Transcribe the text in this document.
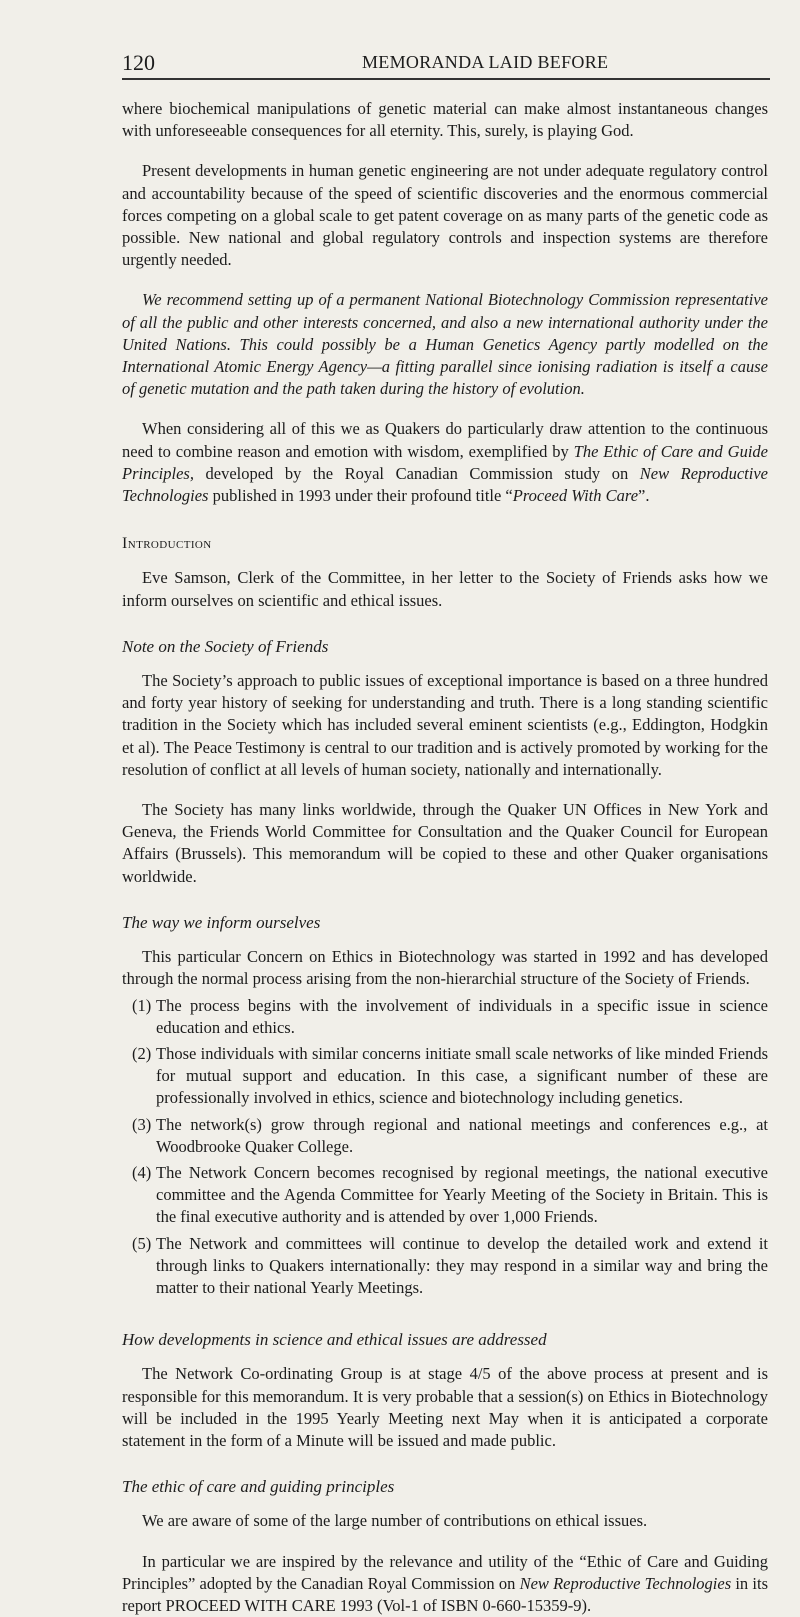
120	MEMORANDA LAID BEFORE

where biochemical manipulations of genetic material can make almost instantaneous changes with unforeseeable consequences for all eternity. This, surely, is playing God.

Present developments in human genetic engineering are not under adequate regulatory control and accountability because of the speed of scientific discoveries and the enormous commercial forces competing on a global scale to get patent coverage on as many parts of the genetic code as possible. New national and global regulatory controls and inspection systems are therefore urgently needed.

We recommend setting up of a permanent National Biotechnology Commission representative of all the public and other interests concerned, and also a new international authority under the United Nations. This could possibly be a Human Genetics Agency partly modelled on the International Atomic Energy Agency—a fitting parallel since ionising radiation is itself a cause of genetic mutation and the path taken during the history of evolution.

When considering all of this we as Quakers do particularly draw attention to the continuous need to combine reason and emotion with wisdom, exemplified by The Ethic of Care and Guide Principles, developed by the Royal Canadian Commission study on New Reproductive Technologies published in 1993 under their profound title “Proceed With Care”.

Introduction

Eve Samson, Clerk of the Committee, in her letter to the Society of Friends asks how we inform ourselves on scientific and ethical issues.

Note on the Society of Friends

The Society’s approach to public issues of exceptional importance is based on a three hundred and forty year history of seeking for understanding and truth. There is a long standing scientific tradition in the Society which has included several eminent scientists (e.g., Eddington, Hodgkin et al). The Peace Testimony is central to our tradition and is actively promoted by working for the resolution of conflict at all levels of human society, nationally and internationally.

The Society has many links worldwide, through the Quaker UN Offices in New York and Geneva, the Friends World Committee for Consultation and the Quaker Council for European Affairs (Brussels). This memorandum will be copied to these and other Quaker organisations worldwide.

The way we inform ourselves

This particular Concern on Ethics in Biotechnology was started in 1992 and has developed through the normal process arising from the non-hierarchial structure of the Society of Friends.

(1) The process begins with the involvement of individuals in a specific issue in science education and ethics.
(2) Those individuals with similar concerns initiate small scale networks of like minded Friends for mutual support and education. In this case, a significant number of these are professionally involved in ethics, science and biotechnology including genetics.
(3) The network(s) grow through regional and national meetings and conferences e.g., at Woodbrooke Quaker College.
(4) The Network Concern becomes recognised by regional meetings, the national executive committee and the Agenda Committee for Yearly Meeting of the Society in Britain. This is the final executive authority and is attended by over 1,000 Friends.
(5) The Network and committees will continue to develop the detailed work and extend it through links to Quakers internationally: they may respond in a similar way and bring the matter to their national Yearly Meetings.

How developments in science and ethical issues are addressed

The Network Co-ordinating Group is at stage 4/5 of the above process at present and is responsible for this memorandum. It is very probable that a session(s) on Ethics in Biotechnology will be included in the 1995 Yearly Meeting next May when it is anticipated a corporate statement in the form of a Minute will be issued and made public.

The ethic of care and guiding principles

We are aware of some of the large number of contributions on ethical issues.

In particular we are inspired by the relevance and utility of the “Ethic of Care and Guiding Principles” adopted by the Canadian Royal Commission on New Reproductive Technologies in its report PROCEED WITH CARE 1993 (Vol-1 of ISBN 0-660-15359-9).
